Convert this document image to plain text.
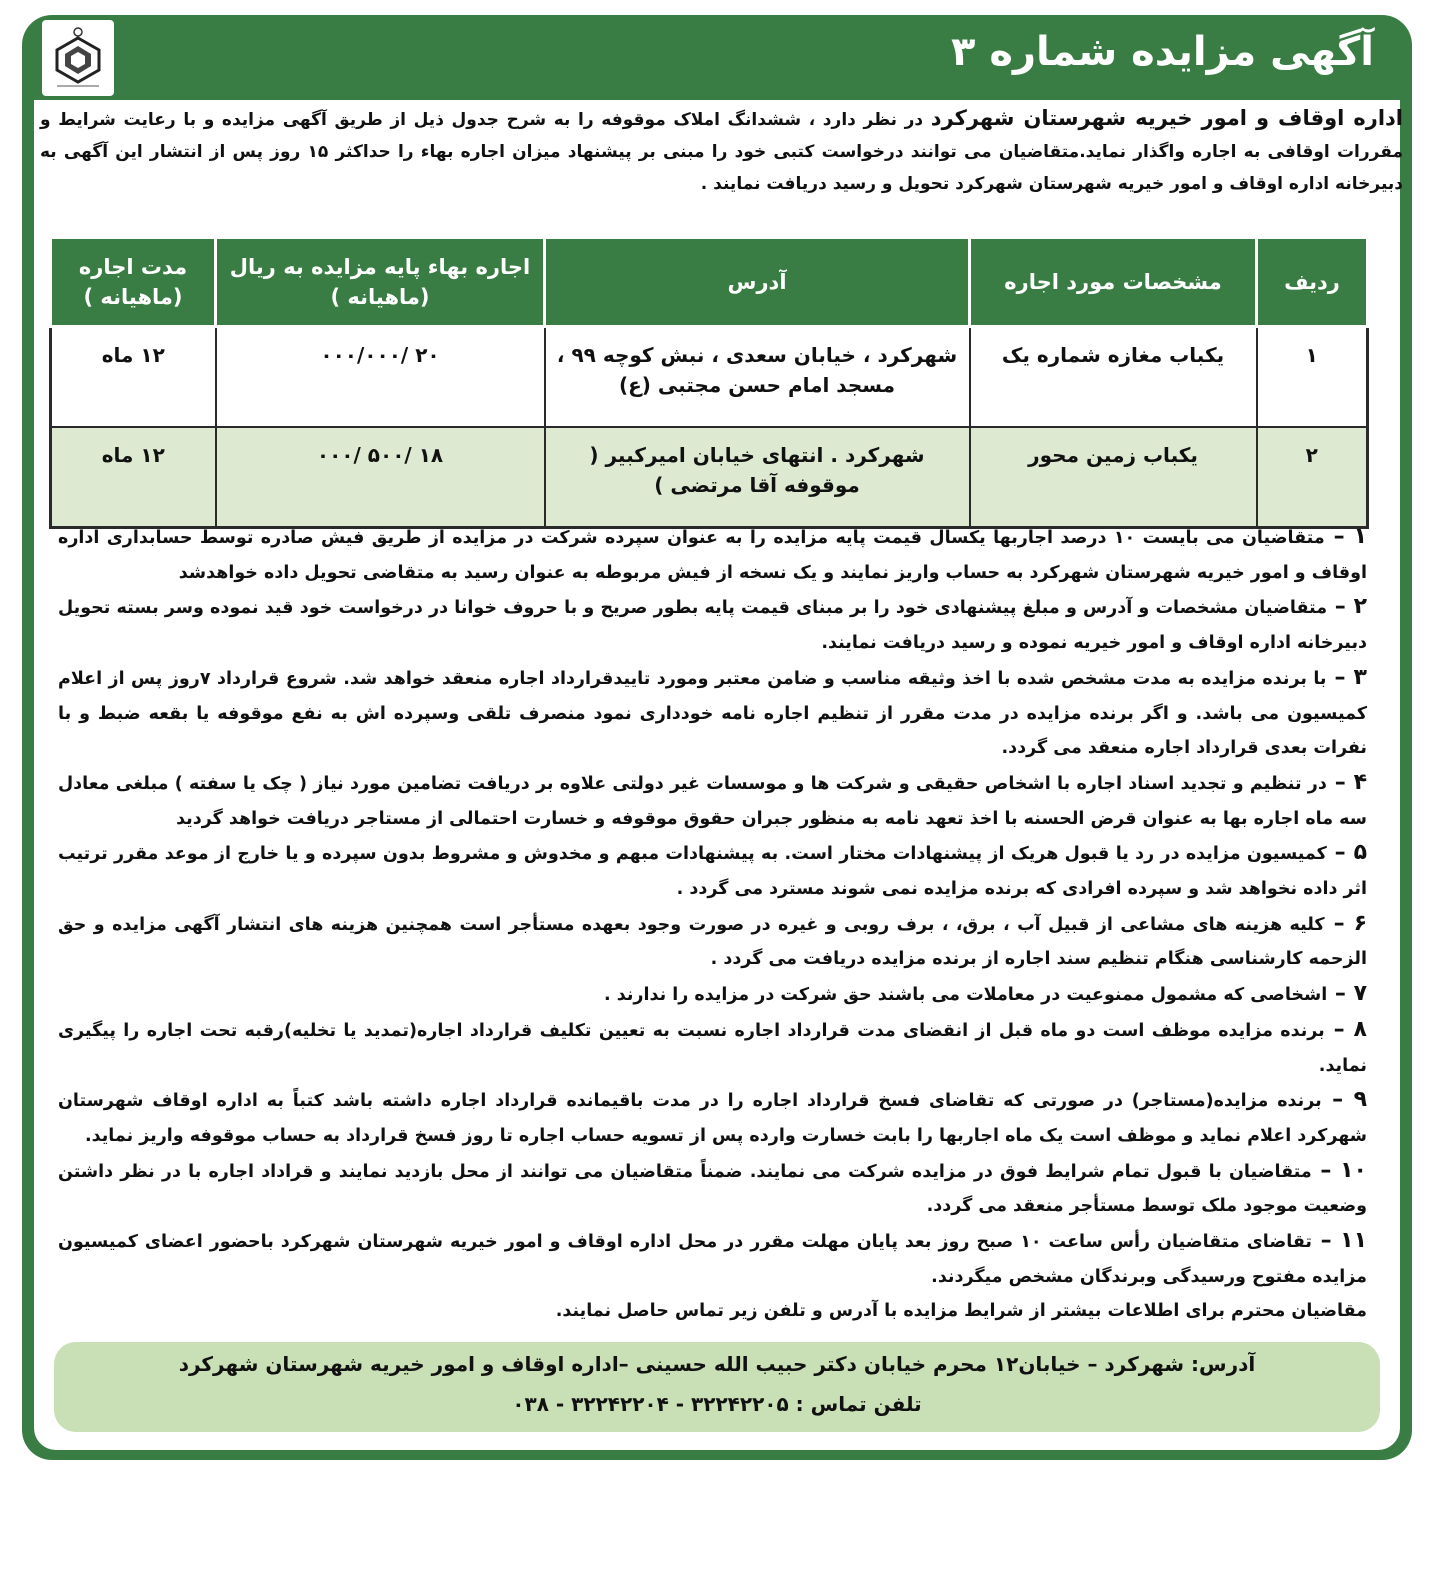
آگهی مزایده شماره ۳
اداره اوقاف و امور خیریه شهرستان شهرکرد در نظر دارد ، ششدانگ املاک موقوفه را به شرح جدول ذیل از طریق آگهی مزایده و با رعایت شرایط و مقررات اوقافی به اجاره واگذار نماید.متقاضیان می توانند درخواست کتبی خود را مبنی بر پیشنهاد میزان اجاره بهاء را حداکثر ۱۵ روز پس از انتشار این آگهی به دبیرخانه اداره اوقاف و امور خیریه شهرستان شهرکرد تحویل و رسید دریافت نمایند .
ردیف	مشخصات مورد اجاره	آدرس	اجاره بهاء پایه مزایده به ریال (ماهیانه )	مدت اجاره (ماهیانه )
۱	یکباب مغازه شماره یک	شهرکرد ، خیابان سعدی ، نبش کوچه ۹۹ ، مسجد امام حسن مجتبی (ع)	۲۰ /۰۰۰/۰۰۰	۱۲ ماه
۲	یکباب زمین محور	شهرکرد . انتهای خیابان امیرکبیر ( موقوفه آقا مرتضی )	۱۸ /۵۰۰ /۰۰۰	۱۲ ماه

۱ – متقاضیان می بایست ۱۰ درصد اجاربها یکسال قیمت پایه مزایده را به عنوان سپرده شرکت در مزایده از طریق فیش صادره توسط حسابداری اداره اوقاف و امور خیریه شهرستان شهرکرد به حساب واریز نمایند و یک نسخه از فیش مربوطه به عنوان رسید به متقاضی تحویل داده خواهدشد

۲ – متقاضیان مشخصات و آدرس و مبلغ پیشنهادی خود را بر مبنای قیمت پایه بطور صریح و با حروف خوانا در درخواست خود قید نموده وسر بسته تحویل دبیرخانه اداره اوقاف و امور خیریه نموده و رسید دریافت نمایند.

۳ – با برنده مزایده به مدت مشخص شده با اخذ وثیقه مناسب و ضامن معتبر ومورد تاییدقرارداد اجاره منعقد خواهد شد. شروع قرارداد ۷روز پس از اعلام کمیسیون می باشد. و اگر برنده مزایده در مدت مقرر از تنظیم اجاره نامه خودداری نمود منصرف تلقی وسپرده اش به نفع موقوفه یا بقعه ضبط و با نفرات بعدی قرارداد اجاره منعقد می گردد.

۴ – در تنظیم و تجدید اسناد اجاره با اشخاص حقیقی و شرکت ها و موسسات غیر دولتی علاوه بر دریافت تضامین مورد نیاز ( چک یا سفته ) مبلغی معادل سه ماه اجاره بها به عنوان قرض الحسنه با اخذ تعهد نامه به منظور جبران حقوق موقوفه و خسارت احتمالی از مستاجر دریافت خواهد گردید

۵ – کمیسیون مزایده در رد یا قبول هریک از پیشنهادات مختار است. به پیشنهادات مبهم و مخدوش و مشروط بدون سپرده و یا خارج از موعد مقرر ترتیب اثر داده نخواهد شد و سپرده افرادی که برنده مزایده نمی شوند مسترد می گردد .

۶ – کلیه هزینه های مشاعی از قبیل آب ، برق، ، برف روبی و غیره در صورت وجود بعهده مستأجر است همچنین هزینه های انتشار آگهی مزایده و حق الزحمه کارشناسی هنگام تنظیم سند اجاره از برنده مزایده دریافت می گردد .

۷ – اشخاصی که مشمول ممنوعیت در معاملات می باشند حق شرکت در مزایده را ندارند .

۸ – برنده مزایده موظف است دو ماه قبل از انقضای مدت قرارداد اجاره نسبت به تعیین تکلیف قرارداد اجاره(تمدید یا تخلیه)رقبه تحت اجاره را پیگیری نماید.

۹ – برنده مزایده(مستاجر) در صورتی که تقاضای فسخ قرارداد اجاره را در مدت باقیمانده قرارداد اجاره داشته باشد کتباً به اداره اوقاف شهرستان شهرکرد اعلام نماید و موظف است یک ماه اجاربها را بابت خسارت وارده پس از تسویه حساب اجاره تا روز فسخ قرارداد به حساب موقوفه واریز نماید.

۱۰ – متقاضیان با قبول تمام شرایط فوق در مزایده شرکت می نمایند. ضمناً متقاضیان می توانند از محل بازدید نمایند و قراداد اجاره با در نظر داشتن وضعیت موجود ملک توسط مستأجر منعقد می گردد.

۱۱ – تقاضای متقاضیان رأس ساعت ۱۰ صبح روز بعد پایان مهلت مقرر در محل اداره اوقاف و امور خیریه شهرستان شهرکرد باحضور اعضای کمیسیون مزایده مفتوح ورسیدگی وبرندگان مشخص میگردند.

مقاضیان محترم برای اطلاعات بیشتر از شرایط مزایده با آدرس و تلفن زیر تماس حاصل نمایند.

آدرس: شهرکرد – خیابان۱۲ محرم خیابان دکتر حبیب الله حسینی –اداره اوقاف و امور خیریه شهرستان شهرکرد
تلفن تماس : ۳۲۲۴۲۲۰۵ - ۳۲۲۴۲۲۰۴ - ۰۳۸
